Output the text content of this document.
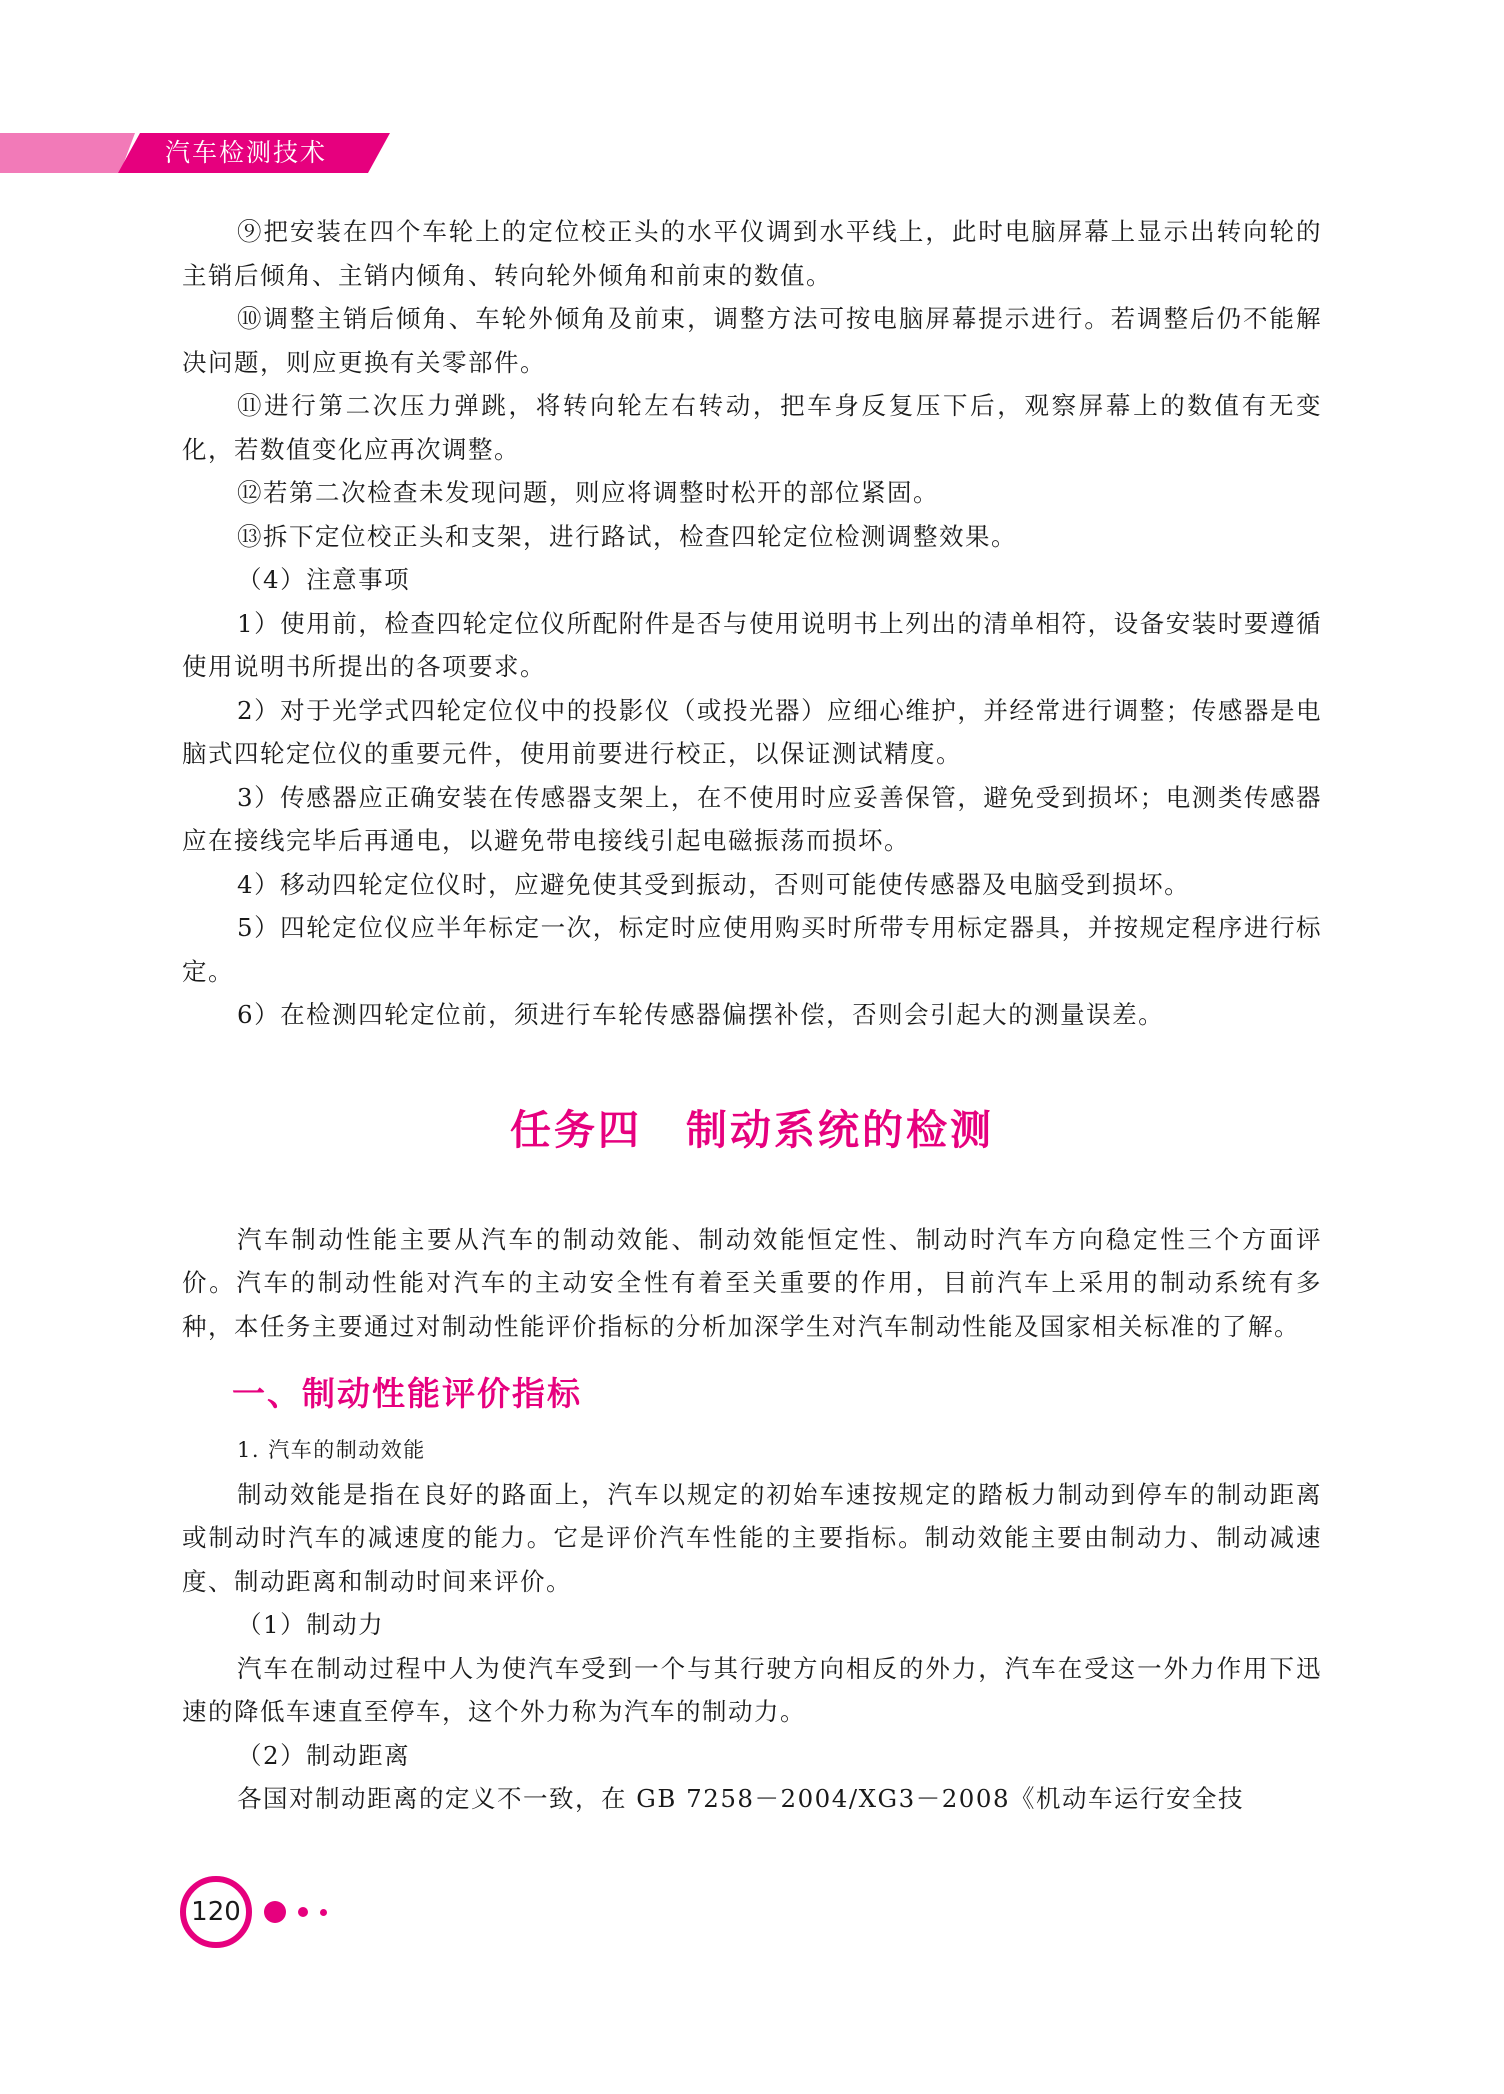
汽车检测技术

⑨把安装在四个车轮上的定位校正头的水平仪调到水平线上，此时电脑屏幕上显示出转向轮的主销后倾角、主销内倾角、转向轮外倾角和前束的数值。

⑩调整主销后倾角、车轮外倾角及前束，调整方法可按电脑屏幕提示进行。若调整后仍不能解决问题，则应更换有关零部件。

⑪进行第二次压力弹跳，将转向轮左右转动，把车身反复压下后，观察屏幕上的数值有无变化，若数值变化应再次调整。

⑫若第二次检查未发现问题，则应将调整时松开的部位紧固。

⑬拆下定位校正头和支架，进行路试，检查四轮定位检测调整效果。

（4）注意事项

1）使用前，检查四轮定位仪所配附件是否与使用说明书上列出的清单相符，设备安装时要遵循使用说明书所提出的各项要求。

2）对于光学式四轮定位仪中的投影仪（或投光器）应细心维护，并经常进行调整；传感器是电脑式四轮定位仪的重要元件，使用前要进行校正，以保证测试精度。

3）传感器应正确安装在传感器支架上，在不使用时应妥善保管，避免受到损坏；电测类传感器应在接线完毕后再通电，以避免带电接线引起电磁振荡而损坏。

4）移动四轮定位仪时，应避免使其受到振动，否则可能使传感器及电脑受到损坏。

5）四轮定位仪应半年标定一次，标定时应使用购买时所带专用标定器具，并按规定程序进行标定。

6）在检测四轮定位前，须进行车轮传感器偏摆补偿，否则会引起大的测量误差。

任务四 制动系统的检测

汽车制动性能主要从汽车的制动效能、制动效能恒定性、制动时汽车方向稳定性三个方面评价。汽车的制动性能对汽车的主动安全性有着至关重要的作用，目前汽车上采用的制动系统有多种，本任务主要通过对制动性能评价指标的分析加深学生对汽车制动性能及国家相关标准的了解。

一、制动性能评价指标

1. 汽车的制动效能

制动效能是指在良好的路面上，汽车以规定的初始车速按规定的踏板力制动到停车的制动距离或制动时汽车的减速度的能力。它是评价汽车性能的主要指标。制动效能主要由制动力、制动减速度、制动距离和制动时间来评价。

（1）制动力

汽车在制动过程中人为使汽车受到一个与其行驶方向相反的外力，汽车在受这一外力作用下迅速的降低车速直至停车，这个外力称为汽车的制动力。

（2）制动距离

各国对制动距离的定义不一致，在 GB 7258－2004/XG3－2008《机动车运行安全技

120
